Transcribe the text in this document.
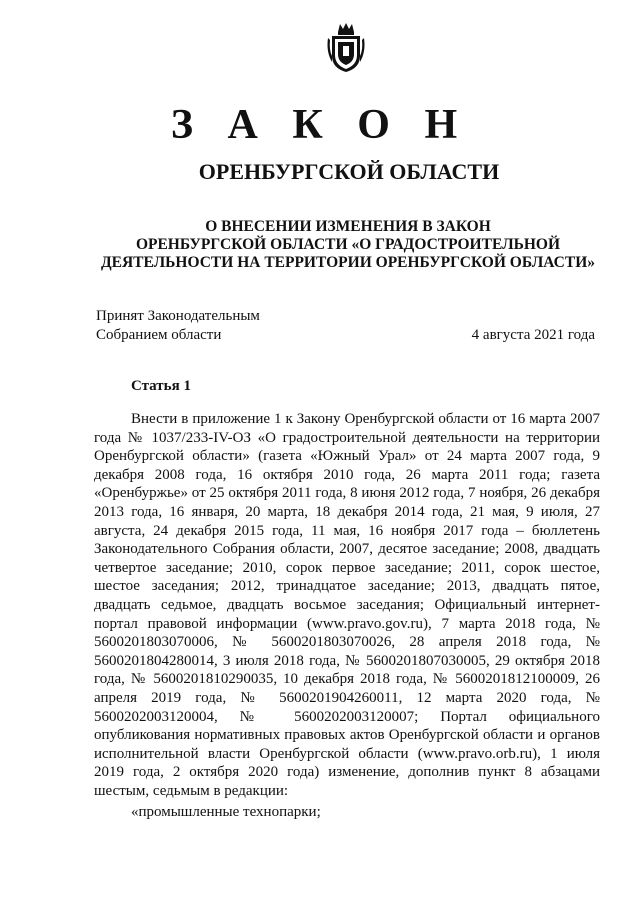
З А К О Н
ОРЕНБУРГСКОЙ ОБЛАСТИ
О ВНЕСЕНИИ ИЗМЕНЕНИЯ В ЗАКОН
ОРЕНБУРГСКОЙ ОБЛАСТИ «О ГРАДОСТРОИТЕЛЬНОЙ
ДЕЯТЕЛЬНОСТИ НА ТЕРРИТОРИИ ОРЕНБУРГСКОЙ ОБЛАСТИ»
Принят Законодательным
Собранием области	4 августа 2021 года
Статья 1

Внести в приложение 1 к Закону Оренбургской области от 16 марта 2007 года № 1037/233-IV-ОЗ «О градостроительной деятельности на территории Оренбургской области» (газета «Южный Урал» от 24 марта 2007 года, 9 декабря 2008 года, 16 октября 2010 года, 26 марта 2011 года; газета «Оренбуржье» от 25 октября 2011 года, 8 июня 2012 года, 7 ноября, 26 декабря 2013 года, 16 января, 20 марта, 18 декабря 2014 года, 21 мая, 9 июля, 27 августа, 24 декабря 2015 года, 11 мая, 16 ноября 2017 года – бюллетень Законодательного Собрания области, 2007, десятое заседание; 2008, двадцать четвертое заседание; 2010, сорок первое заседание; 2011, сорок шестое, шестое заседания; 2012, тринадцатое заседание; 2013, двадцать пятое, двадцать седьмое, двадцать восьмое заседания; Официальный интернет-портал правовой информации (www.pravo.gov.ru), 7 марта 2018 года, № 5600201803070006, № 5600201803070026, 28 апреля 2018 года, № 5600201804280014, 3 июля 2018 года, № 5600201807030005, 29 октября 2018 года, № 5600201810290035, 10 декабря 2018 года, № 5600201812100009, 26 апреля 2019 года, № 5600201904260011, 12 марта 2020 года, № 5600202003120004, № 5600202003120007; Портал официального опубликования нормативных правовых актов Оренбургской области и органов исполнительной власти Оренбургской области (www.pravo.orb.ru), 1 июля 2019 года, 2 октября 2020 года) изменение, дополнив пункт 8 абзацами шестым, седьмым в редакции:

«промышленные технопарки;
